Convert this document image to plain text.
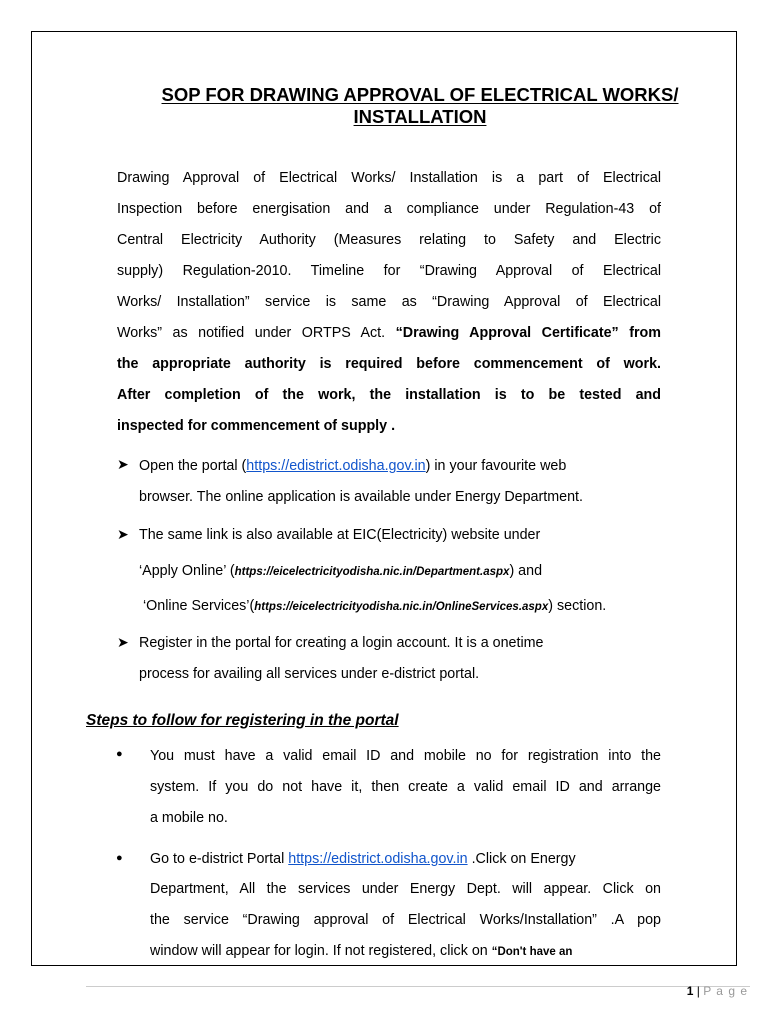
SOP FOR DRAWING APPROVAL OF ELECTRICAL WORKS/
INSTALLATION
Drawing Approval of Electrical Works/ Installation is a part of Electrical
Inspection before energisation and a compliance under Regulation-43 of
Central Electricity Authority (Measures relating to Safety and Electric
supply) Regulation-2010. Timeline for “Drawing Approval of Electrical
Works/ Installation” service is same as “Drawing Approval of Electrical
Works” as notified under ORTPS Act. “Drawing Approval Certificate” from
the appropriate authority is required before commencement of work.
After completion of the work, the installation is to be tested and
inspected for commencement of supply .
➤ Open the portal (https://edistrict.odisha.gov.in) in your favourite web
browser. The online application is available under Energy Department.
➤ The same link is also available at EIC(Electricity) website under
‘Apply Online’ (https://eicelectricityodisha.nic.in/Department.aspx) and
‘Online Services’(https://eicelectricityodisha.nic.in/OnlineServices.aspx) section.
➤ Register in the portal for creating a login account. It is a onetime
process for availing all services under e-district portal.
Steps to follow for registering in the portal
● You must have a valid email ID and mobile no for registration into the
system. If you do not have it, then create a valid email ID and arrange
a mobile no.
● Go to e-district Portal https://edistrict.odisha.gov.in .Click on Energy
Department, All the services under Energy Dept. will appear. Click on
the service “Drawing approval of Electrical Works/Installation” .A pop
window will appear for login. If not registered, click on “Don't have an
1 | P a g e
